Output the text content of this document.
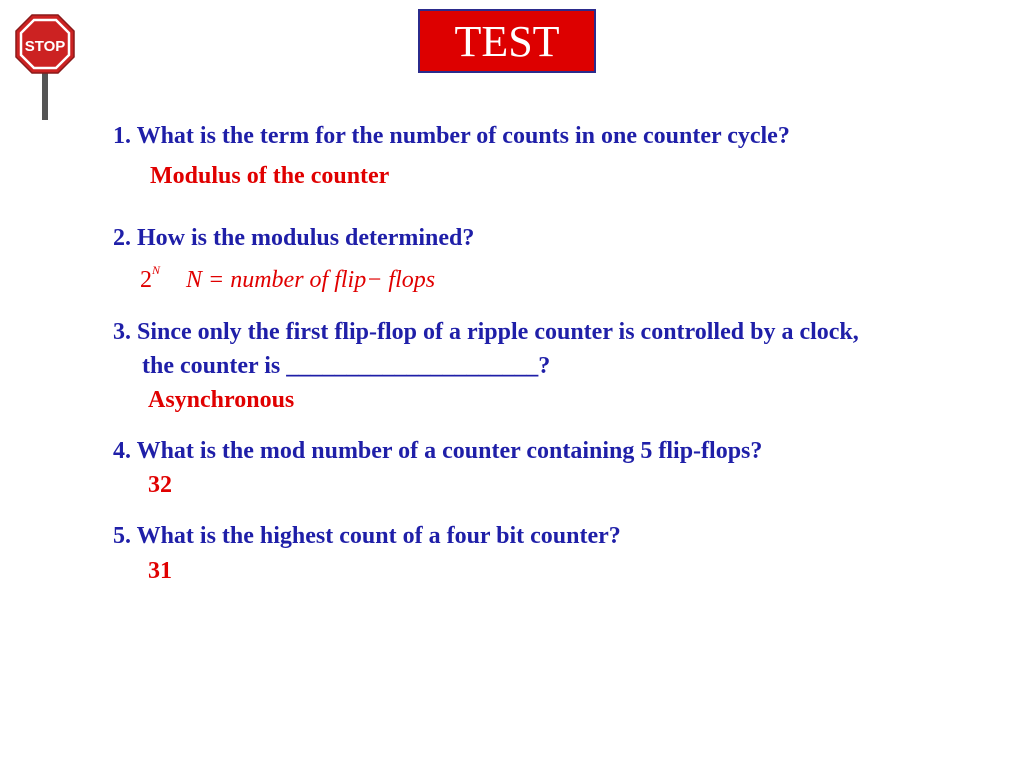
STOP	TEST
1. What is the term for the number of counts in one counter cycle?
Modulus of the counter
2. How is the modulus determined?
$2^N$ N = number of flip− flops
3. Since only the first flip-flop of a ripple counter is controlled by a clock,
the counter is _____________________?
Asynchronous
4. What is the mod number of a counter containing 5 flip-flops?
32
5. What is the highest count of a four bit counter?
31
